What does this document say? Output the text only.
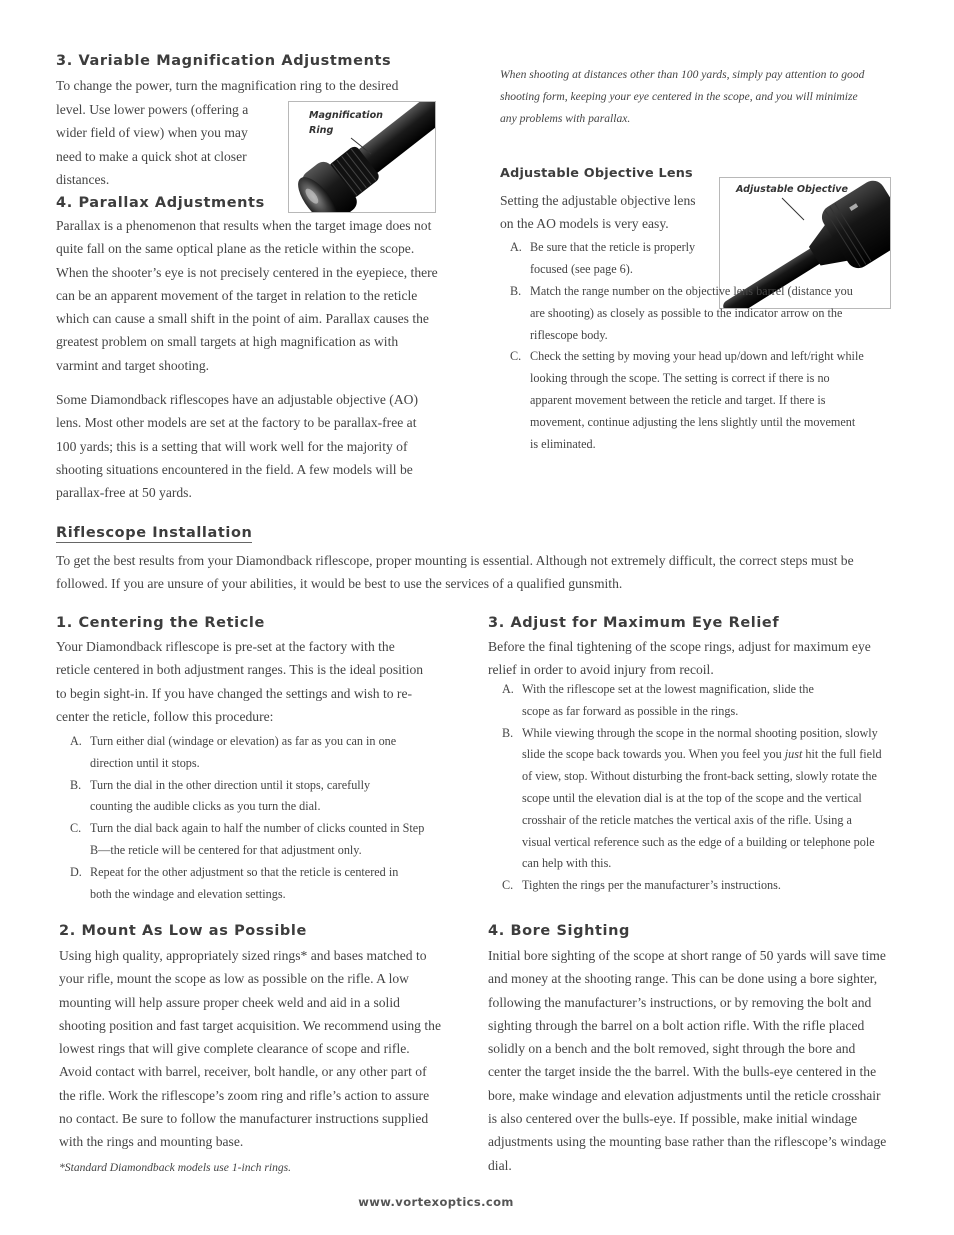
3. Variable Magnification Adjustments

To change the power, turn the magnification ring to the desired

level. Use lower powers (offering a wider field of view) when you may need to make a quick shot at closer distances.

Magnification Ring
4. Parallax Adjustments

Parallax is a phenomenon that results when the target image does not quite fall on the same optical plane as the reticle within the scope. When the shooter’s eye is not precisely centered in the eyepiece, there can be an apparent movement of the target in relation to the reticle which can cause a small shift in the point of aim. Parallax causes the greatest problem on small targets at high magnification as with varmint and target shooting.

Some Diamondback riflescopes have an adjustable objective (AO) lens. Most other models are set at the factory to be parallax-free at 100 yards; this is a setting that will work well for the majority of shooting situations encountered in the field. A few models will be parallax-free at 50 yards.

When shooting at distances other than 100 yards, simply pay attention to good shooting form, keeping your eye centered in the scope, and you will minimize any problems with parallax.

Adjustable Objective Lens

Setting the adjustable objective lens on the AO models is very easy.

Adjustable Objective
A. Be sure that the reticle is properly focused (see page 6).
B. Match the range number on the objective lens barrel (distance you are shooting) as closely as possible to the indicator arrow on the riflescope body.
C. Check the setting by moving your head up/down and left/right while looking through the scope. The setting is correct if there is no apparent movement between the reticle and target. If there is movement, continue adjusting the lens slightly until the movement is eliminated.
Riflescope Installation

To get the best results from your Diamondback riflescope, proper mounting is essential. Although not extremely difficult, the correct steps must be followed. If you are unsure of your abilities, it would be best to use the services of a qualified gunsmith.

1. Centering the Reticle

Your Diamondback riflescope is pre-set at the factory with the reticle centered in both adjustment ranges. This is the ideal position to begin sight-in. If you have changed the settings and wish to re-center the reticle, follow this procedure:

A. Turn either dial (windage or elevation) as far as you can in one direction until it stops.
B. Turn the dial in the other direction until it stops, carefully counting the audible clicks as you turn the dial.
C. Turn the dial back again to half the number of clicks counted in Step B—the reticle will be centered for that adjustment only.
D. Repeat for the other adjustment so that the reticle is centered in both the windage and elevation settings.
2. Mount As Low as Possible

Using high quality, appropriately sized rings* and bases matched to your rifle, mount the scope as low as possible on the rifle. A low mounting will help assure proper cheek weld and aid in a solid shooting position and fast target acquisition. We recommend using the lowest rings that will give complete clearance of scope and rifle. Avoid contact with barrel, receiver, bolt handle, or any other part of the rifle. Work the riflescope’s zoom ring and rifle’s action to assure no contact. Be sure to follow the manufacturer instructions supplied with the rings and mounting base.

*Standard Diamondback models use 1-inch rings.

3. Adjust for Maximum Eye Relief

Before the final tightening of the scope rings, adjust for maximum eye relief in order to avoid injury from recoil.

A. With the riflescope set at the lowest magnification, slide the scope as far forward as possible in the rings.
B. While viewing through the scope in the normal shooting position, slowly slide the scope back towards you. When you feel you just hit the full field of view, stop. Without disturbing the front-back setting, slowly rotate the scope until the elevation dial is at the top of the scope and the vertical crosshair of the reticle matches the vertical axis of the rifle. Using a visual vertical reference such as the edge of a building or telephone pole can help with this.
C. Tighten the rings per the manufacturer’s instructions.
4. Bore Sighting

Initial bore sighting of the scope at short range of 50 yards will save time and money at the shooting range. This can be done using a bore sighter, following the manufacturer’s instructions, or by removing the bolt and sighting through the barrel on a bolt action rifle. With the rifle placed solidly on a bench and the bolt removed, sight through the bore and center the target inside the the barrel. With the bulls-eye centered in the bore, make windage and elevation adjustments until the reticle crosshair is also centered over the bulls-eye. If possible, make initial windage adjustments using the mounting base rather than the riflescope’s windage dial.

www.vortexoptics.com
